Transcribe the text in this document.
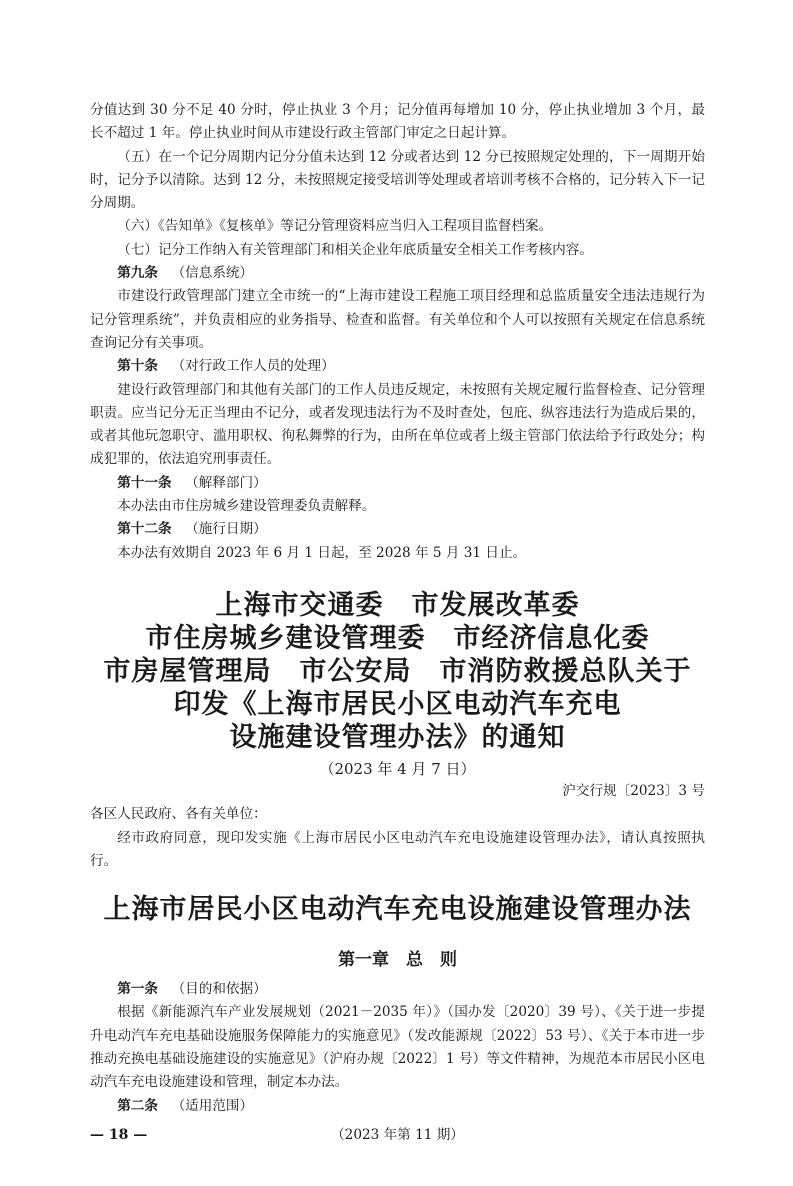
分值达到 30 分不足 40 分时，停止执业 3 个月；记分值再每增加 10 分，停止执业增加 3 个月，最长不超过 1 年。停止执业时间从市建设行政主管部门审定之日起计算。

（五）在一个记分周期内记分分值未达到 12 分或者达到 12 分已按照规定处理的，下一周期开始时，记分予以清除。达到 12 分，未按照规定接受培训等处理或者培训考核不合格的，记分转入下一记分周期。

（六）《告知单》《复核单》等记分管理资料应当归入工程项目监督档案。

（七）记分工作纳入有关管理部门和相关企业年底质量安全相关工作考核内容。

第九条 （信息系统）

市建设行政管理部门建立全市统一的“上海市建设工程施工项目经理和总监质量安全违法违规行为记分管理系统”，并负责相应的业务指导、检查和监督。有关单位和个人可以按照有关规定在信息系统查询记分有关事项。

第十条 （对行政工作人员的处理）

建设行政管理部门和其他有关部门的工作人员违反规定，未按照有关规定履行监督检查、记分管理职责。应当记分无正当理由不记分，或者发现违法行为不及时查处，包庇、纵容违法行为造成后果的，或者其他玩忽职守、滥用职权、徇私舞弊的行为，由所在单位或者上级主管部门依法给予行政处分；构成犯罪的，依法追究刑事责任。

第十一条 （解释部门）

本办法由市住房城乡建设管理委负责解释。

第十二条 （施行日期）

本办法有效期自 2023 年 6 月 1 日起，至 2028 年 5 月 31 日止。

上海市交通委　市发展改革委

市住房城乡建设管理委　市经济信息化委

市房屋管理局　市公安局　市消防救援总队关于

印发《上海市居民小区电动汽车充电

设施建设管理办法》的通知

（2023 年 4 月 7 日）
沪交行规〔2023〕3 号

各区人民政府、各有关单位：

经市政府同意，现印发实施《上海市居民小区电动汽车充电设施建设管理办法》，请认真按照执行。

上海市居民小区电动汽车充电设施建设管理办法

第一章　总　则

第一条 （目的和依据）

根据《新能源汽车产业发展规划（2021－2035 年）》（国办发〔2020〕39 号）、《关于进一步提升电动汽车充电基础设施服务保障能力的实施意见》（发改能源规〔2022〕53 号）、《关于本市进一步推动充换电基础设施建设的实施意见》（沪府办规〔2022〕1 号）等文件精神，为规范本市居民小区电动汽车充电设施建设和管理，制定本办法。

第二条 （适用范围）

— 18 —	（2023 年第 11 期）
